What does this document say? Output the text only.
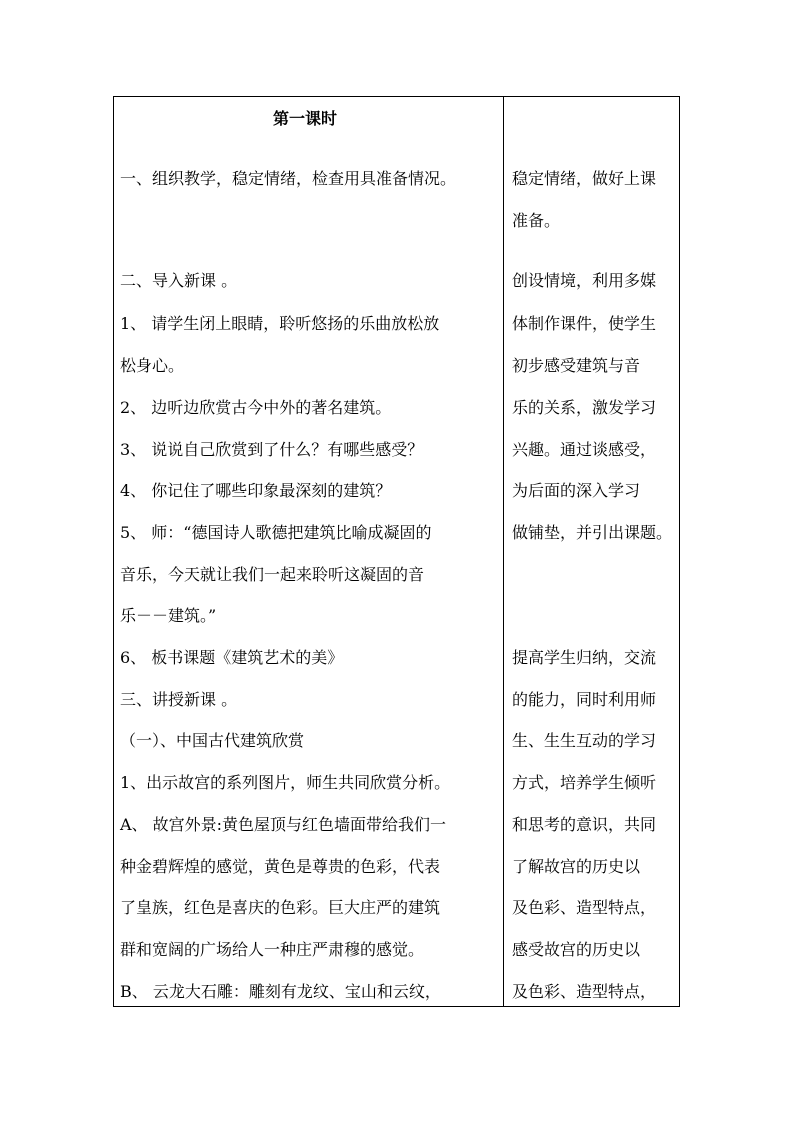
第一课时
一、组织教学，稳定情绪，检查用具准备情况。
二、导入新课 。
1、 请学生闭上眼睛，聆听悠扬的乐曲放松放
松身心。
2、 边听边欣赏古今中外的著名建筑。
3、 说说自己欣赏到了什么？有哪些感受？
4、 你记住了哪些印象最深刻的建筑？
5、 师：“德国诗人歌德把建筑比喻成凝固的
音乐，今天就让我们一起来聆听这凝固的音
乐－－建筑。”
6、 板书课题《建筑艺术的美》
三、讲授新课 。
（一）、中国古代建筑欣赏
1、出示故宫的系列图片，师生共同欣赏分析。
A、 故宫外景:黄色屋顶与红色墙面带给我们一
种金碧辉煌的感觉，黄色是尊贵的色彩，代表
了皇族，红色是喜庆的色彩。巨大庄严的建筑
群和宽阔的广场给人一种庄严肃穆的感觉。
B、 云龙大石雕：雕刻有龙纹、宝山和云纹，
稳定情绪，做好上课
准备。
创设情境，利用多媒
体制作课件，使学生
初步感受建筑与音
乐的关系，激发学习
兴趣。通过谈感受，
为后面的深入学习
做铺垫，并引出课题。
提高学生归纳，交流
的能力，同时利用师
生、生生互动的学习
方式，培养学生倾听
和思考的意识，共同
了解故宫的历史以
及色彩、造型特点，
感受故宫的历史以
及色彩、造型特点，
